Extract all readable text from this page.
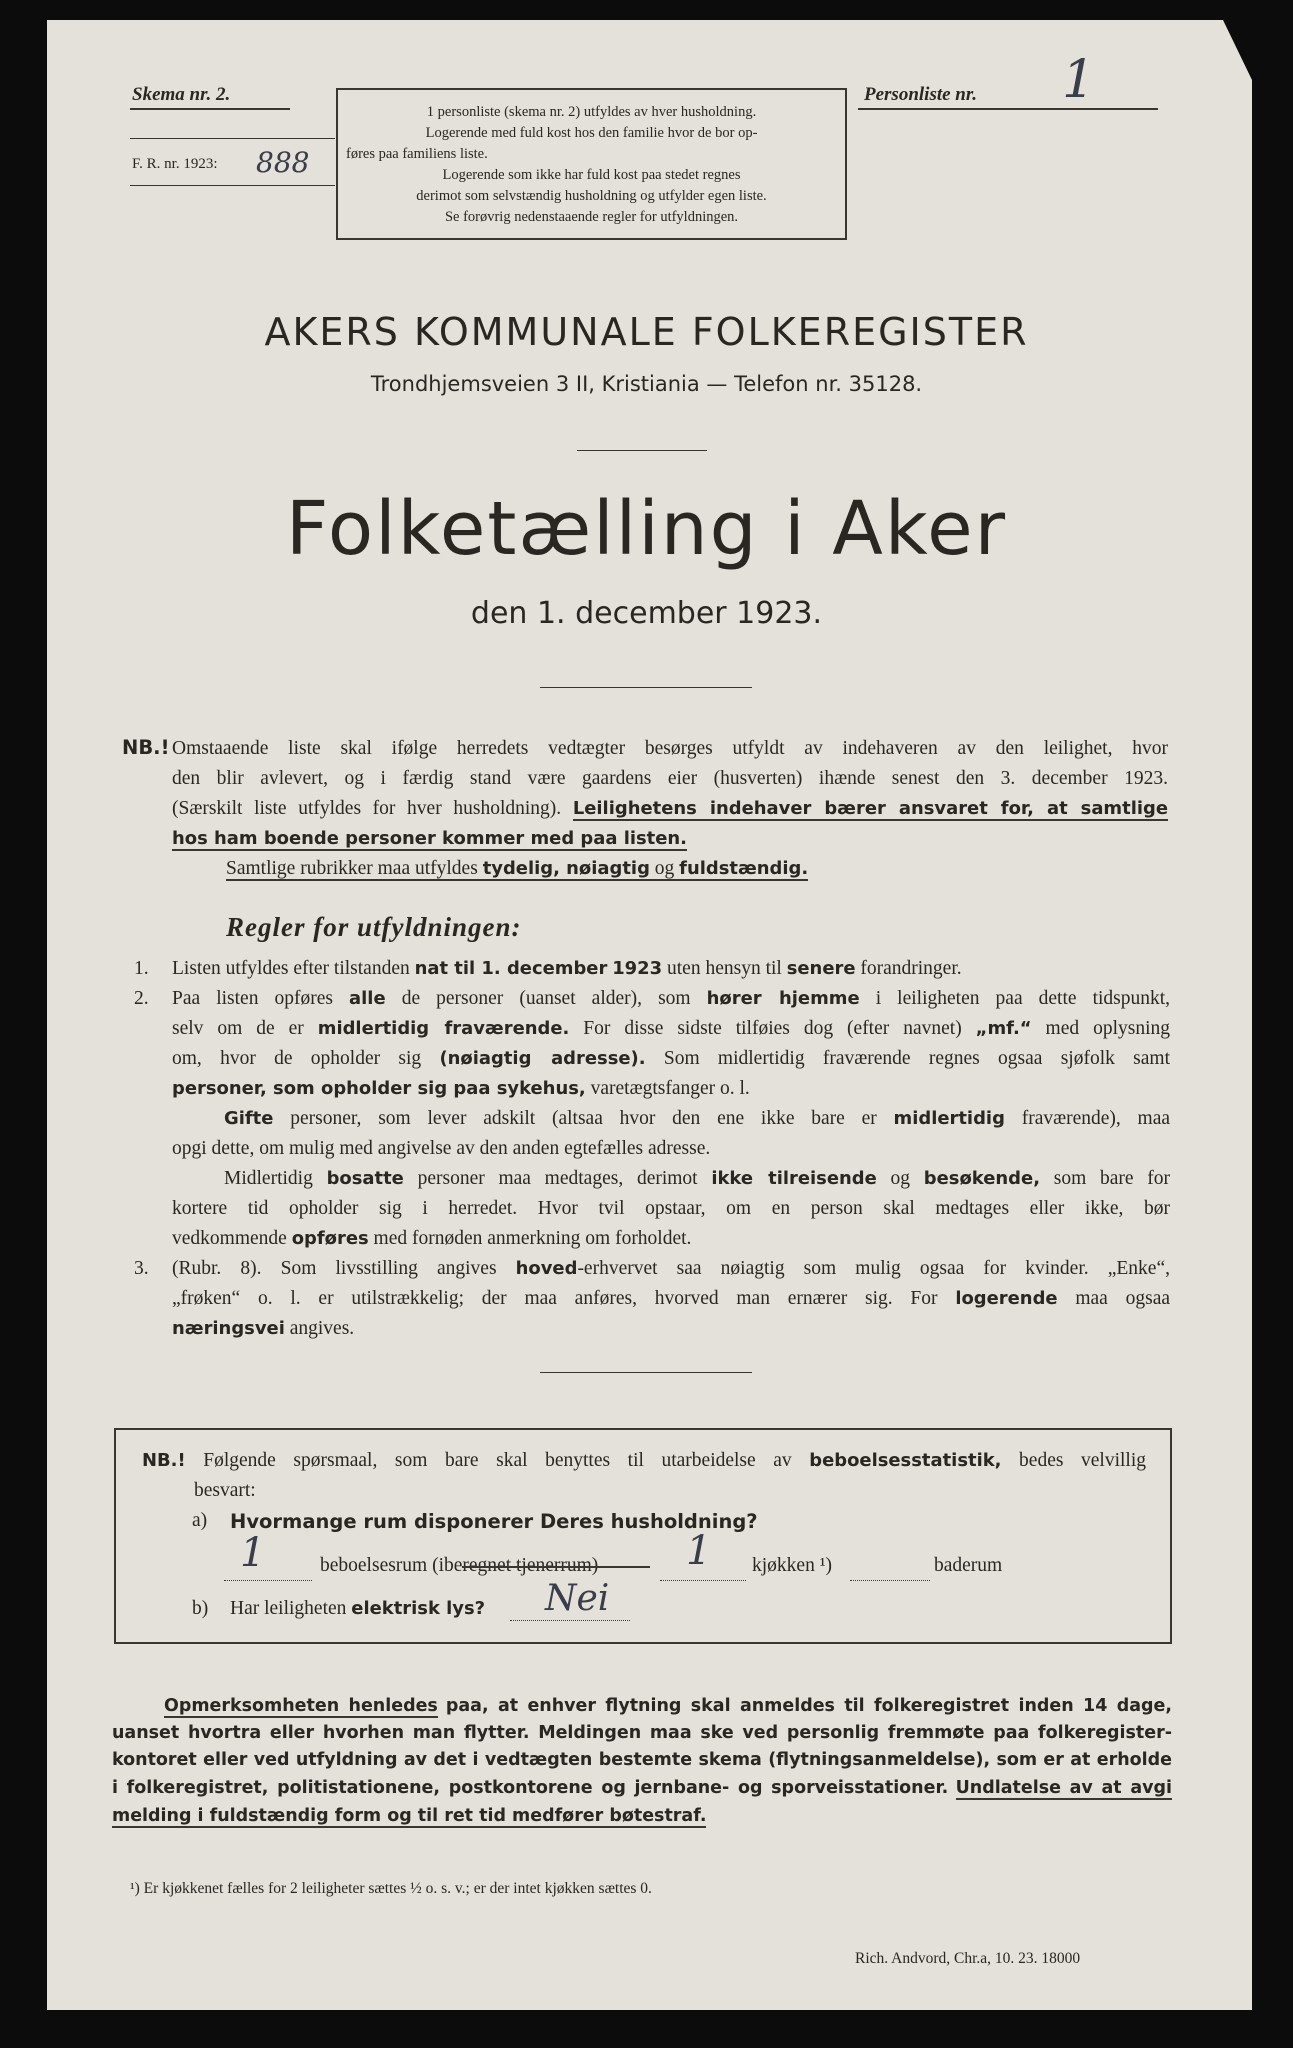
Skema nr. 2.
F. R. nr. 1923: 888
1 personliste (skema nr. 2) utfyldes av hver husholdning.
Logerende med fuld kost hos den familie hvor de bor op-
føres paa familiens liste.
Logerende som ikke har fuld kost paa stedet regnes
derimot som selvstændig husholdning og utfylder egen liste.
Se forøvrig nedenstaaende regler for utfyldningen.
Personliste nr. 1
AKERS KOMMUNALE FOLKEREGISTER
Trondhjemsveien 3 II, Kristiania — Telefon nr. 35128.
Folketælling i Aker
den 1. december 1923.
NB.! Omstaaende liste skal ifølge herredets vedtægter besørges utfyldt av indehaveren av den leilighet, hvor
den blir avlevert, og i færdig stand være gaardens eier (husverten) ihænde senest den 3. december 1923.
(Særskilt liste utfyldes for hver husholdning). Leilighetens indehaver bærer ansvaret for, at samtlige
hos ham boende personer kommer med paa listen.
Samtlige rubrikker maa utfyldes tydelig, nøiagtig og fuldstændig.
Regler for utfyldningen:
1. Listen utfyldes efter tilstanden nat til 1. december 1923 uten hensyn til senere forandringer.
2. Paa listen opføres alle de personer (uanset alder), som hører hjemme i leiligheten paa dette tidspunkt,
selv om de er midlertidig fraværende. For disse sidste tilføies dog (efter navnet) „mf.“ med oplysning
om, hvor de opholder sig (nøiagtig adresse). Som midlertidig fraværende regnes ogsaa sjøfolk samt
personer, som opholder sig paa sykehus, varetægtsfanger o. l.
Gifte personer, som lever adskilt (altsaa hvor den ene ikke bare er midlertidig fraværende), maa
opgi dette, om mulig med angivelse av den anden egtefælles adresse.
Midlertidig bosatte personer maa medtages, derimot ikke tilreisende og besøkende, som bare for
kortere tid opholder sig i herredet. Hvor tvil opstaar, om en person skal medtages eller ikke, bør
vedkommende opføres med fornøden anmerkning om forholdet.
3. (Rubr. 8). Som livsstilling angives hoved-erhvervet saa nøiagtig som mulig ogsaa for kvinder. „Enke“,
„frøken“ o. l. er utilstrækkelig; der maa anføres, hvorved man ernærer sig. For logerende maa ogsaa
næringsvei angives.
NB.! Følgende spørsmaal, som bare skal benyttes til utarbeidelse av beboelsesstatistik, bedes velvillig
besvart:
a) Hvormange rum disponerer Deres husholdning?
1	beboelsesrum (iberegnet tjenerrum) 1 kjøkken ¹)	baderum
b) Har leiligheten elektrisk lys? Nei
Opmerksomheten henledes paa, at enhver flytning skal anmeldes til folkeregistret inden 14 dage,
uanset hvortra eller hvorhen man flytter. Meldingen maa ske ved personlig fremmøte paa folkeregister-
kontoret eller ved utfyldning av det i vedtægten bestemte skema (flytningsanmeldelse), som er at erholde
i folkeregistret, politistationene, postkontorene og jernbane- og sporveisstationer. Undlatelse av at avgi
melding i fuldstændig form og til ret tid medfører bøtestraf.
¹) Er kjøkkenet fælles for 2 leiligheter sættes ½ o. s. v.; er der intet kjøkken sættes 0.
Rich. Andvord, Chr.a, 10. 23. 18000
